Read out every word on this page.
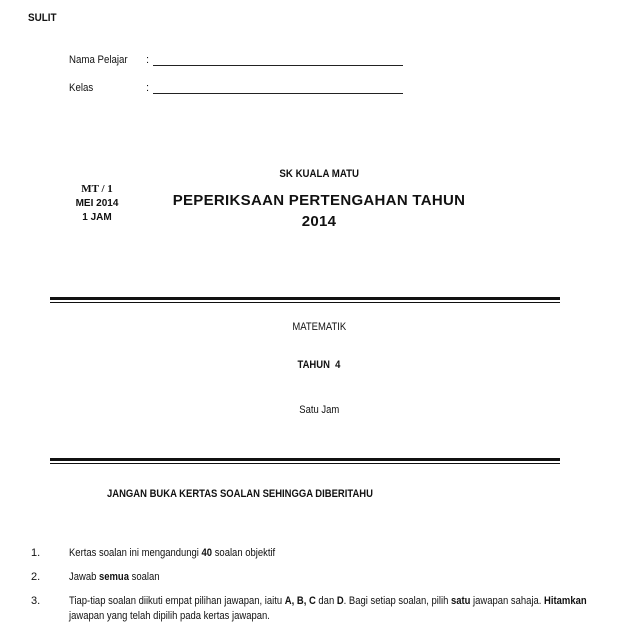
SULIT
Nama Pelajar :
Kelas	:
MT / 1
MEI 2014
1 JAM
SK KUALA MATU
PEPERIKSAAN PERTENGAHAN TAHUN
2014
MATEMATIK
TAHUN  4
Satu Jam
JANGAN BUKA KERTAS SOALAN SEHINGGA DIBERITAHU
1.	Kertas soalan ini mengandungi 40 soalan objektif
2.	Jawab semua soalan
3.	Tiap-tiap soalan diikuti empat pilihan jawapan, iaitu A, B, C dan D. Bagi setiap soalan, pilih satu jawapan sahaja. Hitamkan
jawapan yang telah dipilih pada kertas jawapan.
